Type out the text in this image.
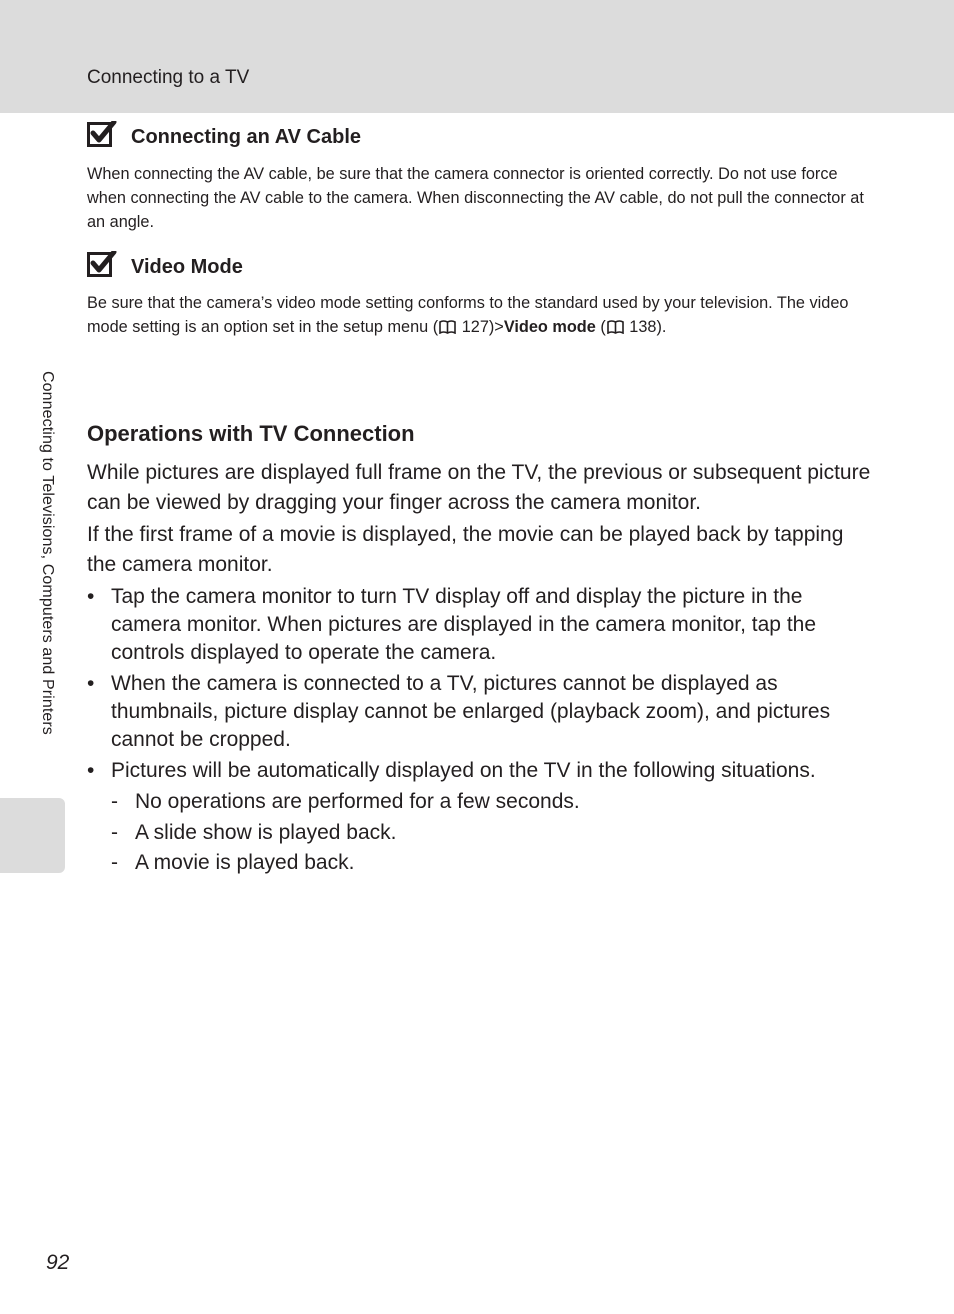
Connecting to a TV
Connecting to Televisions, Computers and Printers
Connecting an AV Cable
When connecting the AV cable, be sure that the camera connector is oriented correctly. Do not use force when connecting the AV cable to the camera. When disconnecting the AV cable, do not pull the connector at an angle.
Video Mode
Be sure that the camera’s video mode setting conforms to the standard used by your television. The video mode setting is an option set in the setup menu ( 127)>Video mode ( 138).
Operations with TV Connection
While pictures are displayed full frame on the TV, the previous or subsequent picture can be viewed by dragging your finger across the camera monitor.
If the first frame of a movie is displayed, the movie can be played back by tapping the camera monitor.
• Tap the camera monitor to turn TV display off and display the picture in the camera monitor. When pictures are displayed in the camera monitor, tap the controls displayed to operate the camera.
• When the camera is connected to a TV, pictures cannot be displayed as thumbnails, picture display cannot be enlarged (playback zoom), and pictures cannot be cropped.
• Pictures will be automatically displayed on the TV in the following situations.
- No operations are performed for a few seconds.
- A slide show is played back.
- A movie is played back.
92
